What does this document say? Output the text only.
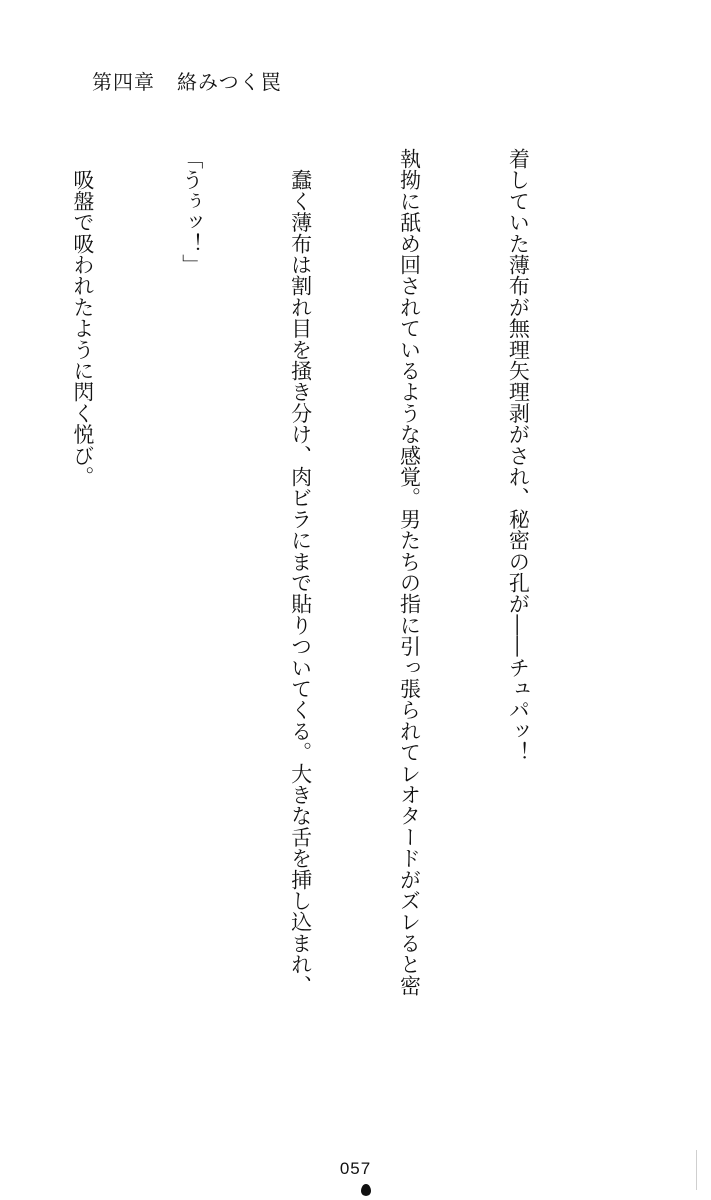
第四章 絡みつく罠

着していた薄布が無理矢理剥がされ、秘密の孔が――チュパッ！

執拗に舐め回されているような感覚。男たちの指に引っ張られてレオタードがズレると密

　蠢く薄布は割れ目を掻き分け、肉ビラにまで貼りついてくる。大きな舌を挿し込まれ、

「うぅッ！」

　吸盤で吸われたように閃く悦び。

057
